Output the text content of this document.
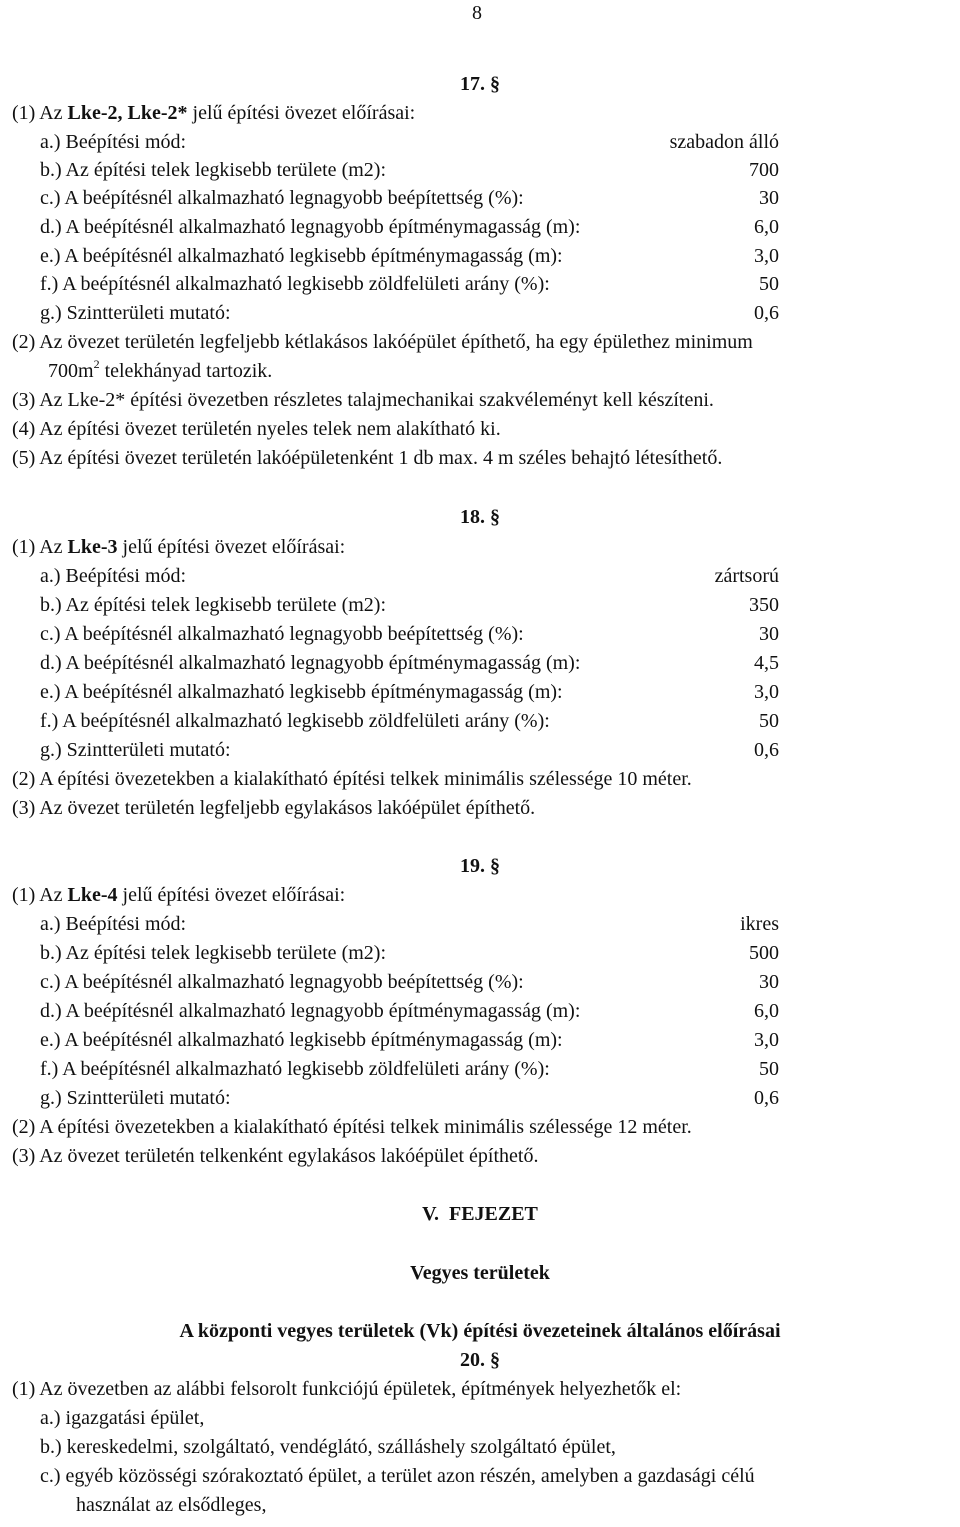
8
17. §
(1) Az Lke-2, Lke-2* jelű építési övezet előírásai:
a.) Beépítési mód:	szabadon álló
b.) Az építési telek legkisebb területe (m2):	700
c.) A beépítésnél alkalmazható legnagyobb beépítettség (%):	30
d.) A beépítésnél alkalmazható legnagyobb építménymagasság (m):	6,0
e.) A beépítésnél alkalmazható legkisebb építménymagasság (m):	3,0
f.) A beépítésnél alkalmazható legkisebb zöldfelületi arány (%):	50
g.) Szintterületi mutató:	0,6
(2) Az övezet területén legfeljebb kétlakásos lakóépület építhető, ha egy épülethez minimum
$700m^2$ telekhányad tartozik.
(3) Az Lke-2* építési övezetben részletes talajmechanikai szakvéleményt kell készíteni.
(4) Az építési övezet területén nyeles telek nem alakítható ki.
(5) Az építési övezet területén lakóépületenként 1 db max. 4 m széles behajtó létesíthető.
18. §
(1) Az Lke-3 jelű építési övezet előírásai:
a.) Beépítési mód:	zártsorú
b.) Az építési telek legkisebb területe (m2):	350
c.) A beépítésnél alkalmazható legnagyobb beépítettség (%):	30
d.) A beépítésnél alkalmazható legnagyobb építménymagasság (m):	4,5
e.) A beépítésnél alkalmazható legkisebb építménymagasság (m):	3,0
f.) A beépítésnél alkalmazható legkisebb zöldfelületi arány (%):	50
g.) Szintterületi mutató:	0,6
(2) A építési övezetekben a kialakítható építési telkek minimális szélessége 10 méter.
(3) Az övezet területén legfeljebb egylakásos lakóépület építhető.
19. §
(1) Az Lke-4 jelű építési övezet előírásai:
a.) Beépítési mód:	ikres
b.) Az építési telek legkisebb területe (m2):	500
c.) A beépítésnél alkalmazható legnagyobb beépítettség (%):	30
d.) A beépítésnél alkalmazható legnagyobb építménymagasság (m):	6,0
e.) A beépítésnél alkalmazható legkisebb építménymagasság (m):	3,0
f.) A beépítésnél alkalmazható legkisebb zöldfelületi arány (%):	50
g.) Szintterületi mutató:	0,6
(2) A építési övezetekben a kialakítható építési telkek minimális szélessége 12 méter.
(3) Az övezet területén telkenként egylakásos lakóépület építhető.
V.  FEJEZET
Vegyes területek
A központi vegyes területek (Vk) építési övezeteinek általános előírásai
20. §
(1) Az övezetben az alábbi felsorolt funkciójú épületek, építmények helyezhetők el:
a.) igazgatási épület,
b.) kereskedelmi, szolgáltató, vendéglátó, szálláshely szolgáltató épület,
c.) egyéb közösségi szórakoztató épület, a terület azon részén, amelyben a gazdasági célú
használat az elsődleges,
